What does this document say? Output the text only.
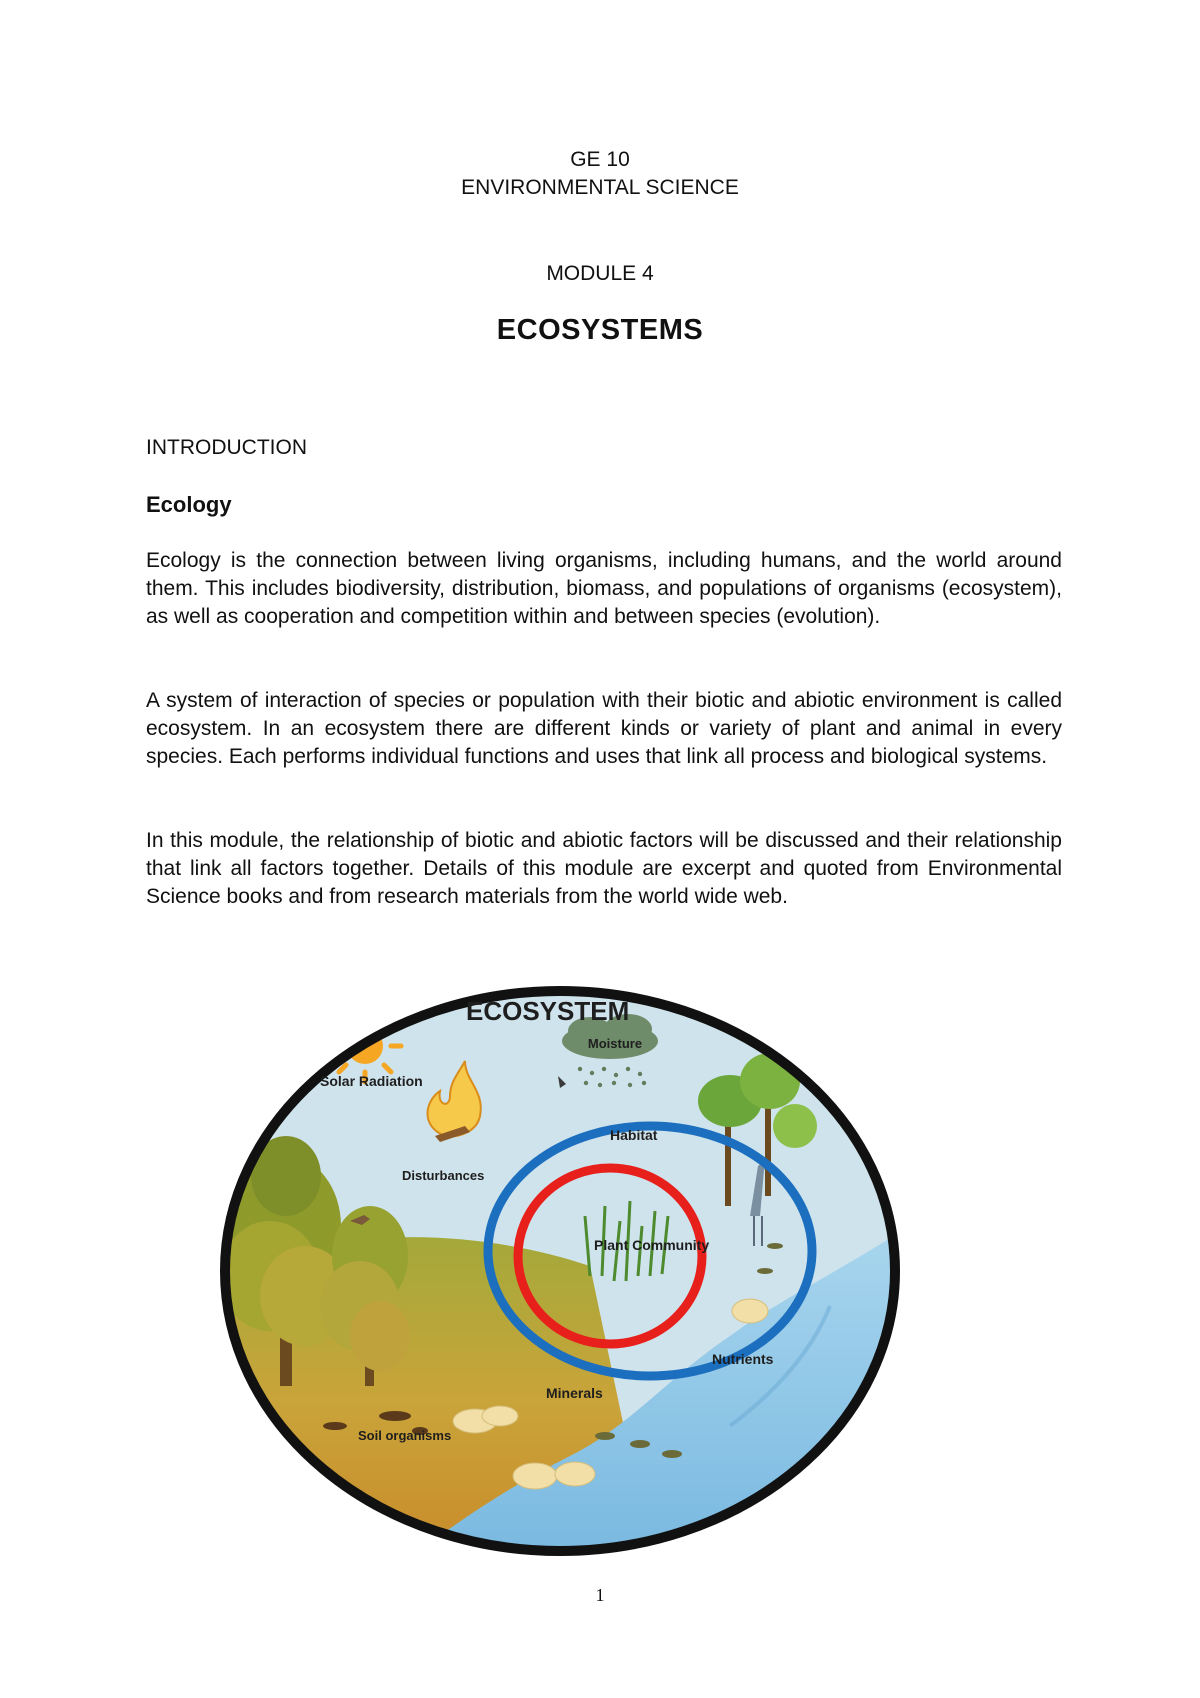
GE 10
ENVIRONMENTAL SCIENCE
MODULE 4
ECOSYSTEMS
INTRODUCTION
Ecology

Ecology is the connection between living organisms, including humans, and the world around them. This includes biodiversity, distribution, biomass, and populations of organisms (ecosystem), as well as cooperation and competition within and between species (evolution).

A system of interaction of species or population with their biotic and abiotic environment is called ecosystem. In an ecosystem there are different kinds or variety of plant and animal in every species. Each performs individual functions and uses that link all process and biological systems.

In this module, the relationship of biotic and abiotic factors will be discussed and their relationship that link all factors together. Details of this module are excerpt and quoted from Environmental Science books and from research materials from the world wide web.

ECOSYSTEM
Moisture
Solar Radiation
Habitat
Disturbances
Plant Community
Nutrients
Minerals
Soil organisms
1
